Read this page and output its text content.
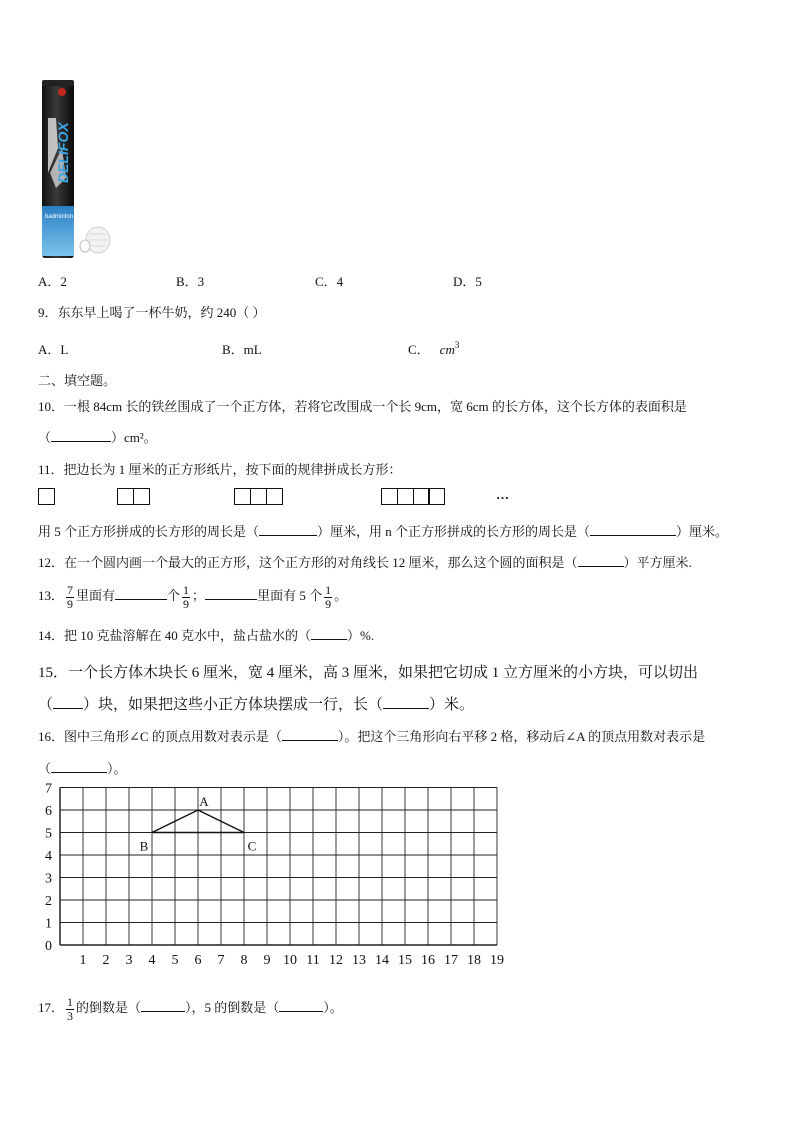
DELIFOX
badminton
A．2	B．3	C．4	D．5
9．东东早上喝了一杯牛奶，约 240（ ）
A．L	B．mL	C． $cm^3$
二、填空题。
10．一根 84cm 长的铁丝围成了一个正方体，若将它改围成一个长 9cm，宽 6cm 的长方体，这个长方体的表面积是
（	）cm²。
11．把边长为 1 厘米的正方形纸片，按下面的规律拼成长方形：
…
用 5 个正方形拼成的长方形的周长是（	）厘米，用 n 个正方形拼成的长方形的周长是（	）厘米。
12．在一个圆内画一个最大的正方形，这个正方形的对角线长 12 厘米，那么这个圆的面积是（	）平方厘米.
13． $\frac{7}{9}$ 里面有	个 $\frac{1}{9}$ ；	里面有 5 个 $\frac{1}{9}$ 。
14．把 10 克盐溶解在 40 克水中，盐占盐水的（	）%.
15．一个长方体木块长 6 厘米，宽 4 厘米，高 3 厘米，如果把它切成 1 立方厘米的小方块，可以切出
（ ）块，如果把这些小正方体块摆成一行，长（	）米。
16．图中三角形∠C 的顶点用数对表示是（	）。把这个三角形向右平移 2 格，移动后∠A 的顶点用数对表示是
（	）。
0
1
2
3
4
5
6
7
1 2 3 4 5 6 7 8 9 10 11 12 13 14 15 16 17 18 19
A
B	C
17． $\frac{1}{3}$ 的倒数是（	），5 的倒数是（	）。
